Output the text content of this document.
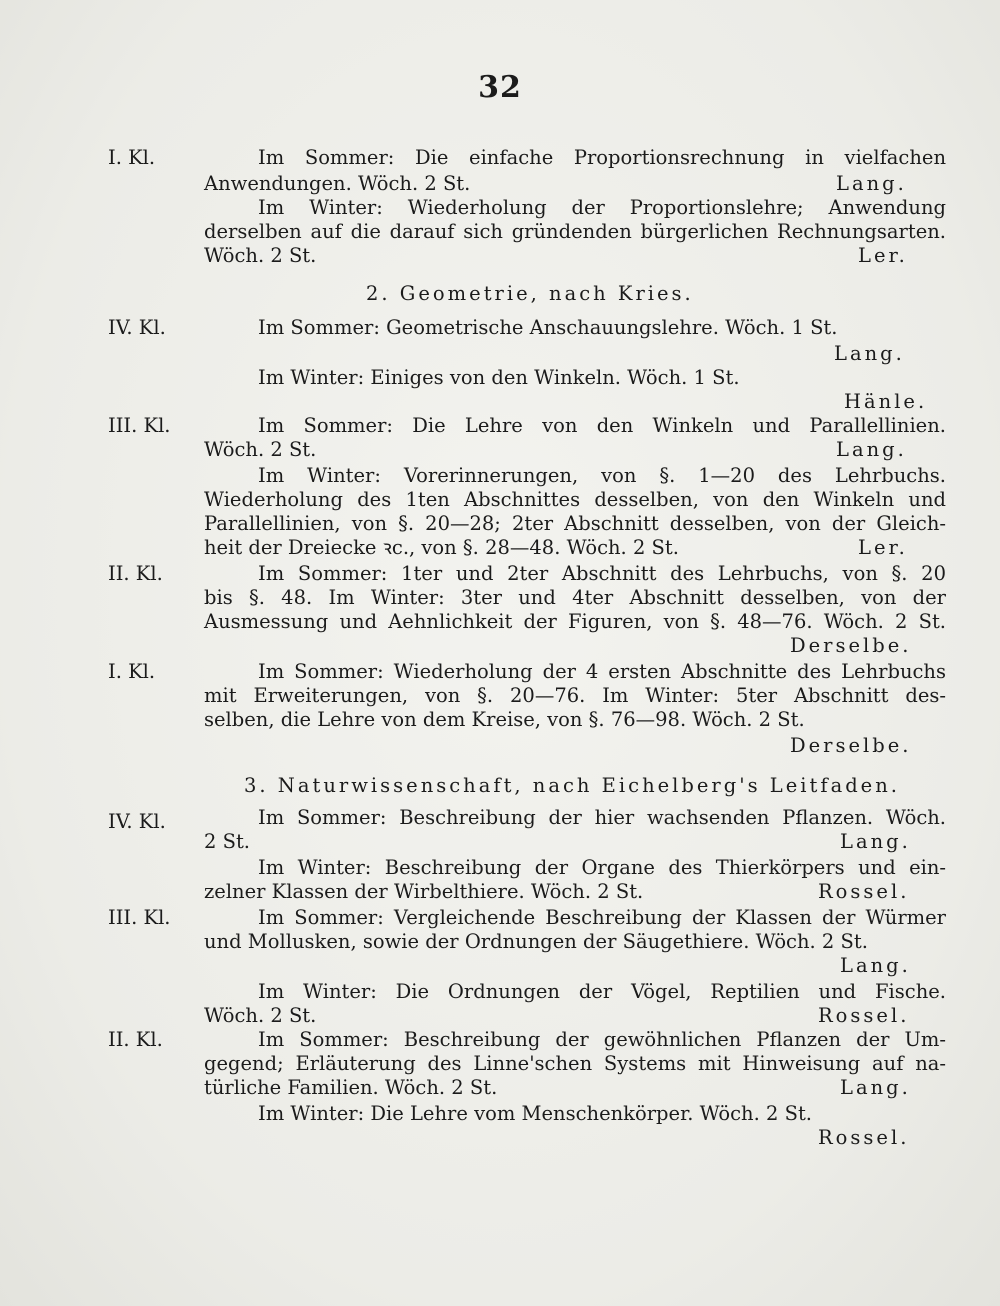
32
I. Kl.	Im Sommer: Die einfache Proportionsrechnung in vielfachen
Anwendungen. Wöch. 2 St.	Lang.
Im Winter: Wiederholung der Proportionslehre; Anwendung
derselben auf die darauf sich gründenden bürgerlichen Rechnungsarten.
Wöch. 2 St.	Ler.
2. Geometrie, nach Kries.
IV. Kl.	Im Sommer: Geometrische Anschauungslehre. Wöch. 1 St.
Lang.
Im Winter: Einiges von den Winkeln. Wöch. 1 St.
Hänle.
III. Kl.	Im Sommer: Die Lehre von den Winkeln und Parallellinien.
Wöch. 2 St.	Lang.
Im Winter: Vorerinnerungen, von §. 1—20 des Lehrbuchs.
Wiederholung des 1ten Abschnittes desselben, von den Winkeln und
Parallellinien, von §. 20—28; 2ter Abschnitt desselben, von der Gleich-
heit der Dreiecke ꝛc., von §. 28—48. Wöch. 2 St.	Ler.
II. Kl.	Im Sommer: 1ter und 2ter Abschnitt des Lehrbuchs, von §. 20
bis §. 48. Im Winter: 3ter und 4ter Abschnitt desselben, von der
Ausmessung und Aehnlichkeit der Figuren, von §. 48—76. Wöch. 2 St.
Derselbe.
I. Kl.	Im Sommer: Wiederholung der 4 ersten Abschnitte des Lehrbuchs
mit Erweiterungen, von §. 20—76. Im Winter: 5ter Abschnitt des-
selben, die Lehre von dem Kreise, von §. 76—98. Wöch. 2 St.
Derselbe.
3. Naturwissenschaft, nach Eichelberg's Leitfaden.
IV. Kl.	Im Sommer: Beschreibung der hier wachsenden Pflanzen. Wöch.
2 St.	Lang.
Im Winter: Beschreibung der Organe des Thierkörpers und ein-
zelner Klassen der Wirbelthiere. Wöch. 2 St.	Rossel.
III. Kl.	Im Sommer: Vergleichende Beschreibung der Klassen der Würmer
und Mollusken, sowie der Ordnungen der Säugethiere. Wöch. 2 St.
Lang.
Im Winter: Die Ordnungen der Vögel, Reptilien und Fische.
Wöch. 2 St.	Rossel.
II. Kl.	Im Sommer: Beschreibung der gewöhnlichen Pflanzen der Um-
gegend; Erläuterung des Linne'schen Systems mit Hinweisung auf na-
türliche Familien. Wöch. 2 St.	Lang.
Im Winter: Die Lehre vom Menschenkörper. Wöch. 2 St.
Rossel.
